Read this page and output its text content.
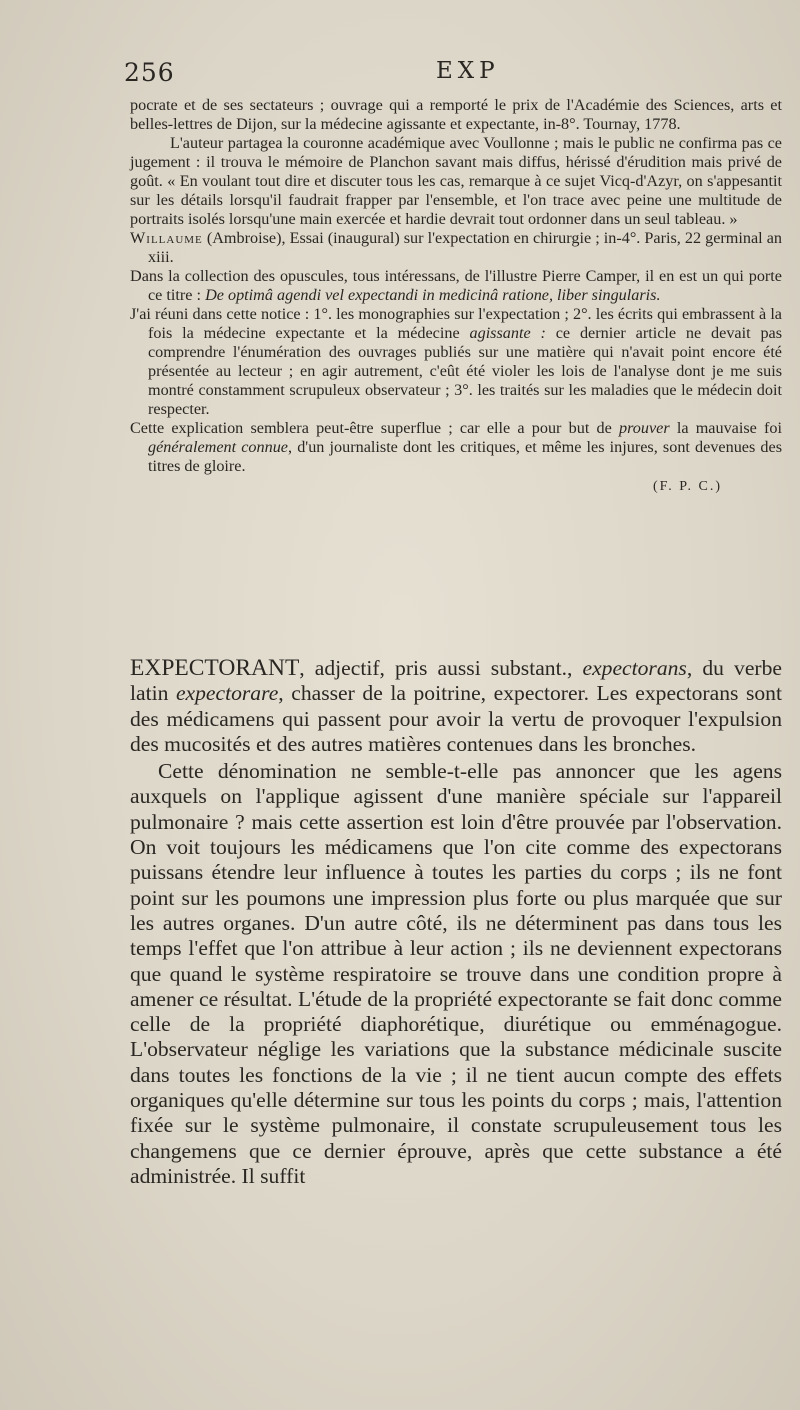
256	EXP

pocrate et de ses sectateurs ; ouvrage qui a remporté le prix de l'Académie des Sciences, arts et belles-lettres de Dijon, sur la médecine agissante et expectante, in-8°. Tournay, 1778.

L'auteur partagea la couronne académique avec Voullonne ; mais le public ne confirma pas ce jugement : il trouva le mémoire de Planchon savant mais diffus, hérissé d'érudition mais privé de goût. « En voulant tout dire et discuter tous les cas, remarque à ce sujet Vicq-d'Azyr, on s'appesantit sur les détails lorsqu'il faudrait frapper par l'ensemble, et l'on trace avec peine une multitude de portraits isolés lorsqu'une main exercée et hardie devrait tout ordonner dans un seul tableau. »

Willaume (Ambroise), Essai (inaugural) sur l'expectation en chirurgie ; in-4°. Paris, 22 germinal an xiii.

Dans la collection des opuscules, tous intéressans, de l'illustre Pierre Camper, il en est un qui porte ce titre : De optimâ agendi vel expectandi in medicinâ ratione, liber singularis.

J'ai réuni dans cette notice : 1°. les monographies sur l'expectation ; 2°. les écrits qui embrassent à la fois la médecine expectante et la médecine agissante : ce dernier article ne devait pas comprendre l'énumération des ouvrages publiés sur une matière qui n'avait point encore été présentée au lecteur ; en agir autrement, c'eût été violer les lois de l'analyse dont je me suis montré constamment scrupuleux observateur ; 3°. les traités sur les maladies que le médecin doit respecter.

Cette explication semblera peut-être superflue ; car elle a pour but de prouver la mauvaise foi généralement connue, d'un journaliste dont les critiques, et même les injures, sont devenues des titres de gloire.

(F. P. C.)

EXPECTORANT, adjectif, pris aussi substant., expectorans, du verbe latin expectorare, chasser de la poitrine, expectorer. Les expectorans sont des médicamens qui passent pour avoir la vertu de provoquer l'expulsion des mucosités et des autres matières contenues dans les bronches.

Cette dénomination ne semble-t-elle pas annoncer que les agens auxquels on l'applique agissent d'une manière spéciale sur l'appareil pulmonaire ? mais cette assertion est loin d'être prouvée par l'observation. On voit toujours les médicamens que l'on cite comme des expectorans puissans étendre leur influence à toutes les parties du corps ; ils ne font point sur les poumons une impression plus forte ou plus marquée que sur les autres organes. D'un autre côté, ils ne déterminent pas dans tous les temps l'effet que l'on attribue à leur action ; ils ne deviennent expectorans que quand le système respiratoire se trouve dans une condition propre à amener ce résultat. L'étude de la propriété expectorante se fait donc comme celle de la propriété diaphorétique, diurétique ou emménagogue. L'observateur néglige les variations que la substance médicinale suscite dans toutes les fonctions de la vie ; il ne tient aucun compte des effets organiques qu'elle détermine sur tous les points du corps ; mais, l'attention fixée sur le système pulmonaire, il constate scrupuleusement tous les changemens que ce dernier éprouve, après que cette substance a été administrée. Il suffit
